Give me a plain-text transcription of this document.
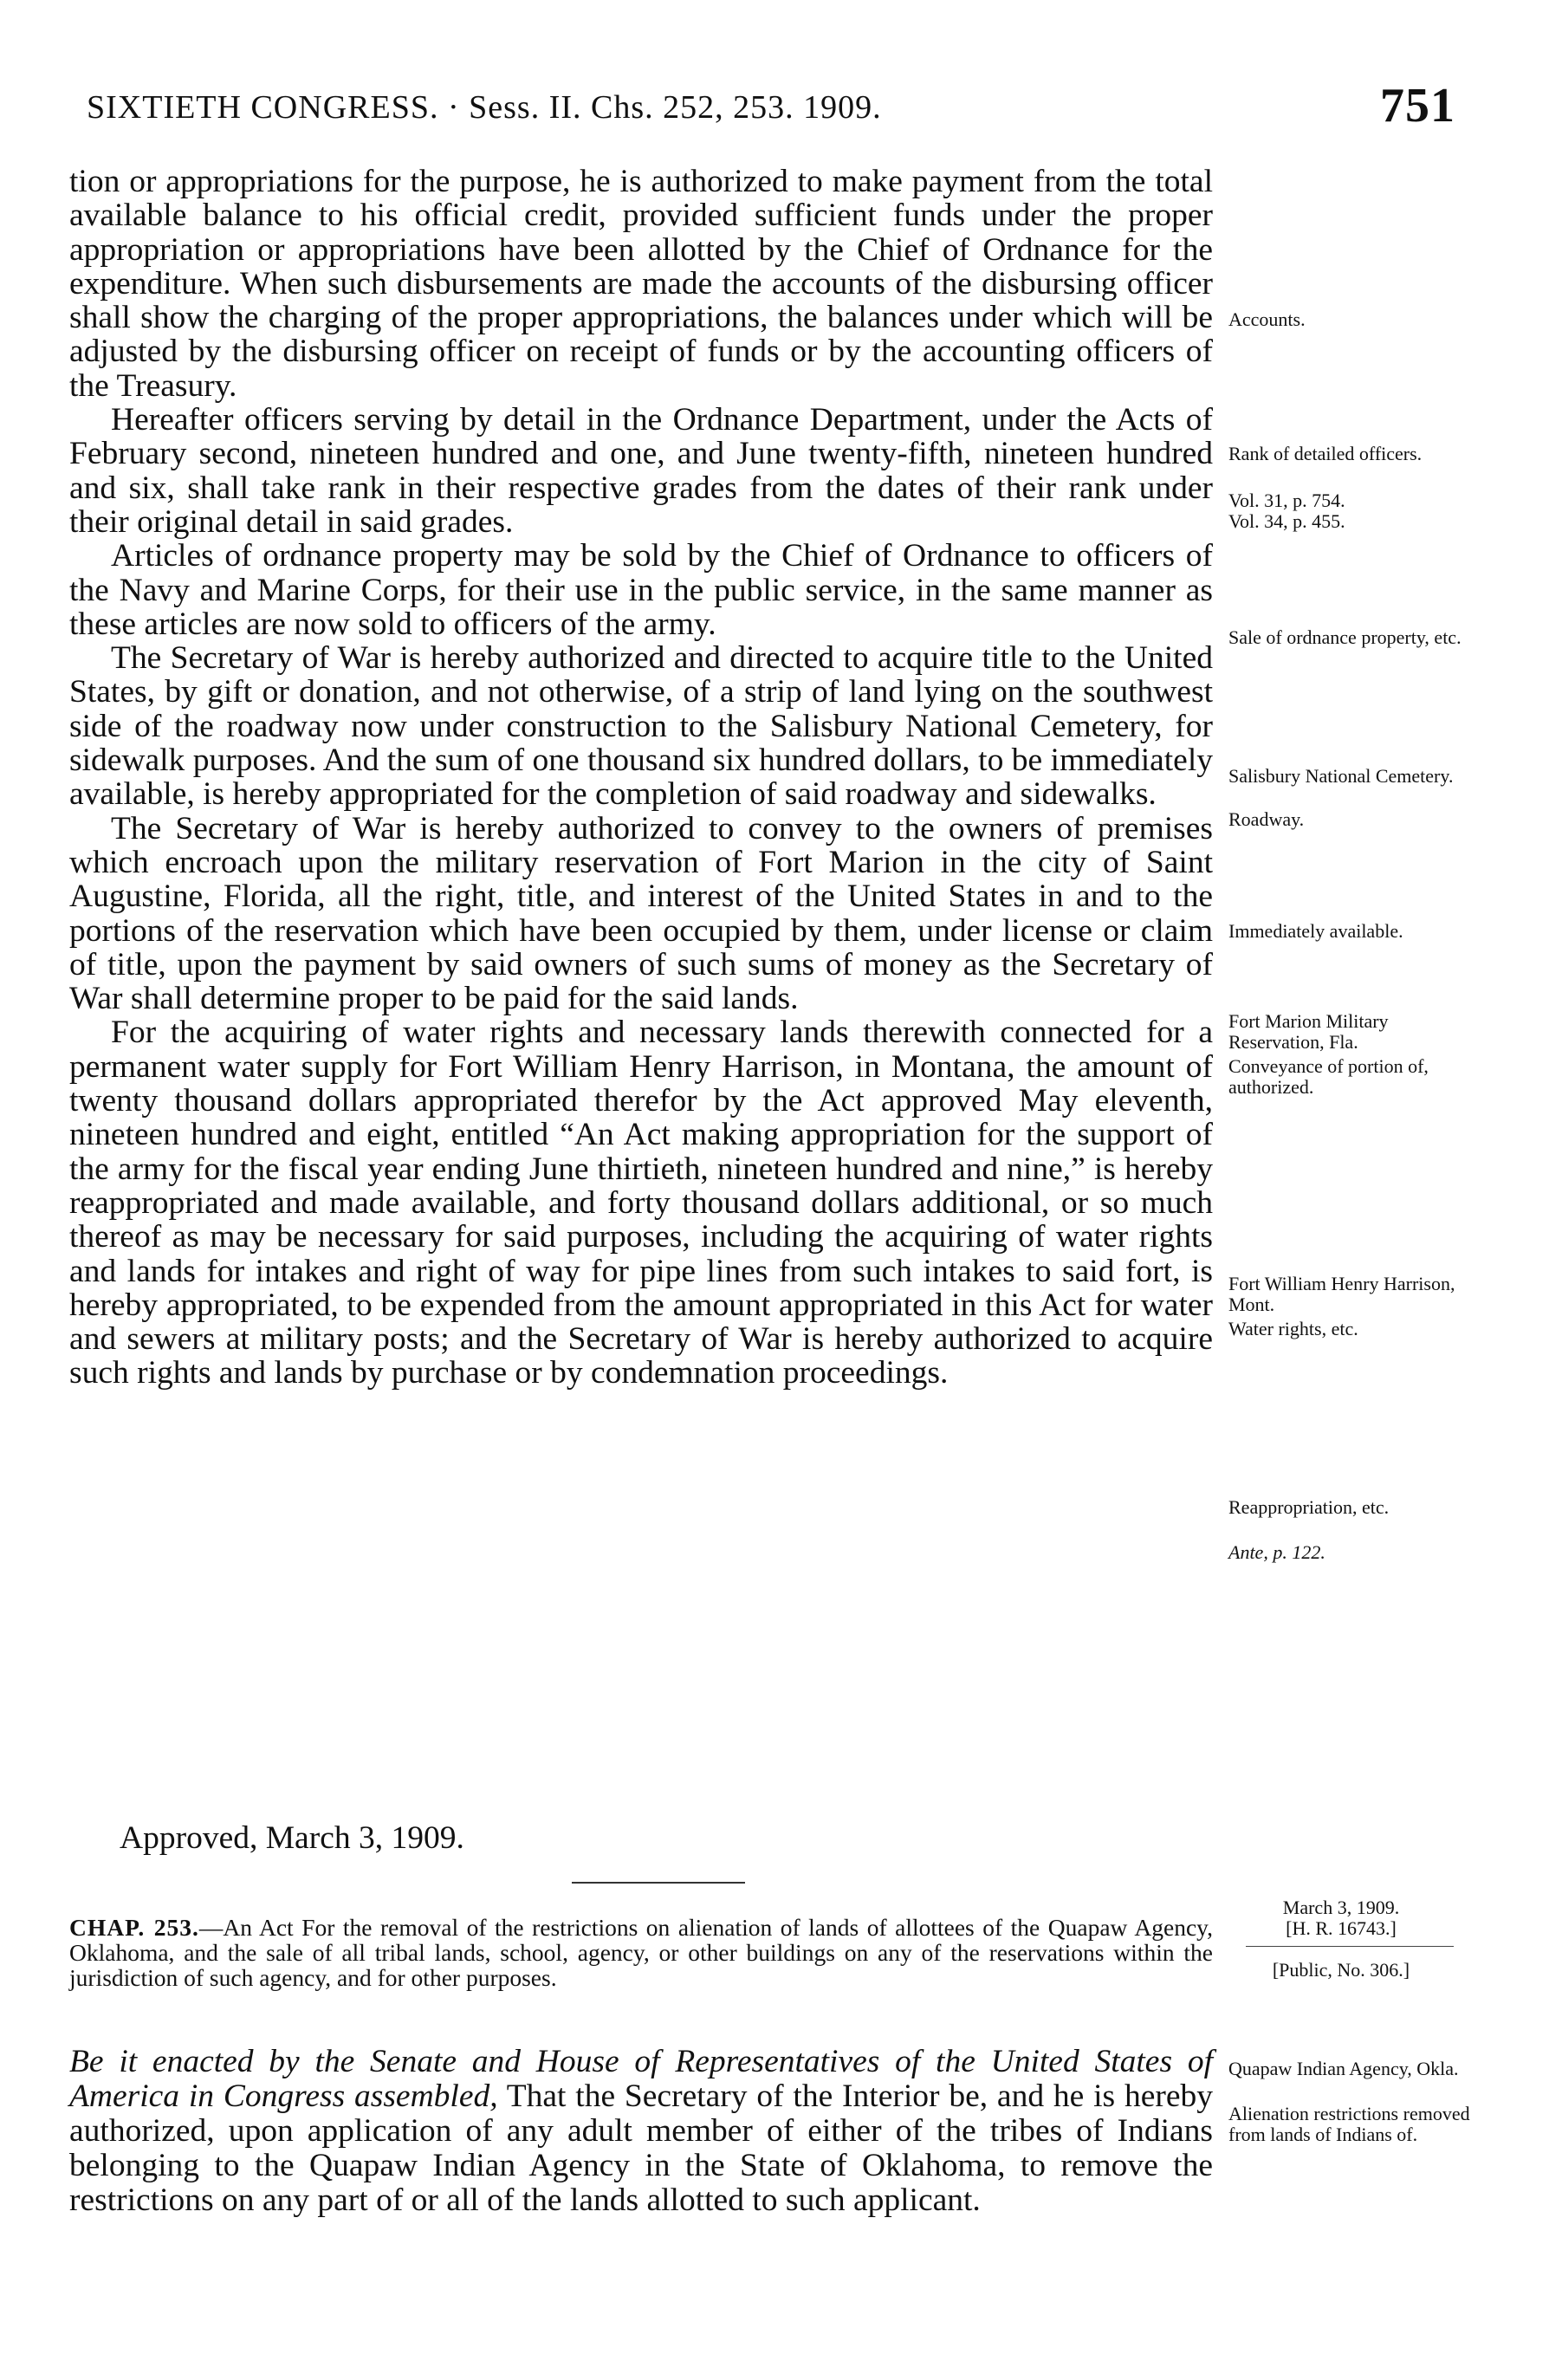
SIXTIETH CONGRESS. · Sess. II. Chs. 252, 253. 1909.	751

tion or appropriations for the purpose, he is authorized to make payment from the total available balance to his official credit, provided sufficient funds under the proper appropriation or appropriations have been allotted by the Chief of Ordnance for the expenditure. When such disbursements are made the accounts of the disbursing officer shall show the charging of the proper appropriations, the balances under which will be adjusted by the disbursing officer on receipt of funds or by the accounting officers of the Treasury.

Hereafter officers serving by detail in the Ordnance Department, under the Acts of February second, nineteen hundred and one, and June twenty-fifth, nineteen hundred and six, shall take rank in their respective grades from the dates of their rank under their original detail in said grades.

Articles of ordnance property may be sold by the Chief of Ordnance to officers of the Navy and Marine Corps, for their use in the public service, in the same manner as these articles are now sold to officers of the army.

The Secretary of War is hereby authorized and directed to acquire title to the United States, by gift or donation, and not otherwise, of a strip of land lying on the southwest side of the roadway now under construction to the Salisbury National Cemetery, for sidewalk purposes. And the sum of one thousand six hundred dollars, to be immediately available, is hereby appropriated for the completion of said roadway and sidewalks.

The Secretary of War is hereby authorized to convey to the owners of premises which encroach upon the military reservation of Fort Marion in the city of Saint Augustine, Florida, all the right, title, and interest of the United States in and to the portions of the reservation which have been occupied by them, under license or claim of title, upon the payment by said owners of such sums of money as the Secretary of War shall determine proper to be paid for the said lands.

For the acquiring of water rights and necessary lands therewith connected for a permanent water supply for Fort William Henry Harrison, in Montana, the amount of twenty thousand dollars appropriated therefor by the Act approved May eleventh, nineteen hundred and eight, entitled “An Act making appropriation for the support of the army for the fiscal year ending June thirtieth, nineteen hundred and nine,” is hereby reappropriated and made available, and forty thousand dollars additional, or so much thereof as may be necessary for said purposes, including the acquiring of water rights and lands for intakes and right of way for pipe lines from such intakes to said fort, is hereby appropriated, to be expended from the amount appropriated in this Act for water and sewers at military posts; and the Secretary of War is hereby authorized to acquire such rights and lands by purchase or by condemnation proceedings.

Approved, March 3, 1909.
Accounts.
Rank of detailed officers.
Vol. 31, p. 754.
Vol. 34, p. 455.
Sale of ordnance property, etc.
Salisbury National Cemetery.
Roadway.
Immediately available.
Fort Marion Military Reservation, Fla.
Conveyance of portion of, authorized.
Fort William Henry Harrison, Mont.
Water rights, etc.
Reappropriation, etc.
Ante, p. 122.
March 3, 1909.
[H. R. 16743.]
[Public, No. 306.]
Quapaw Indian Agency, Okla.
Alienation restrictions removed from lands of Indians of.
CHAP. 253.—An Act For the removal of the restrictions on alienation of lands of allottees of the Quapaw Agency, Oklahoma, and the sale of all tribal lands, school, agency, or other buildings on any of the reservations within the jurisdiction of such agency, and for other purposes.
Be it enacted by the Senate and House of Representatives of the United States of America in Congress assembled, That the Secretary of the Interior be, and he is hereby authorized, upon application of any adult member of either of the tribes of Indians belonging to the Quapaw Indian Agency in the State of Oklahoma, to remove the restrictions on any part of or all of the lands allotted to such applicant.
